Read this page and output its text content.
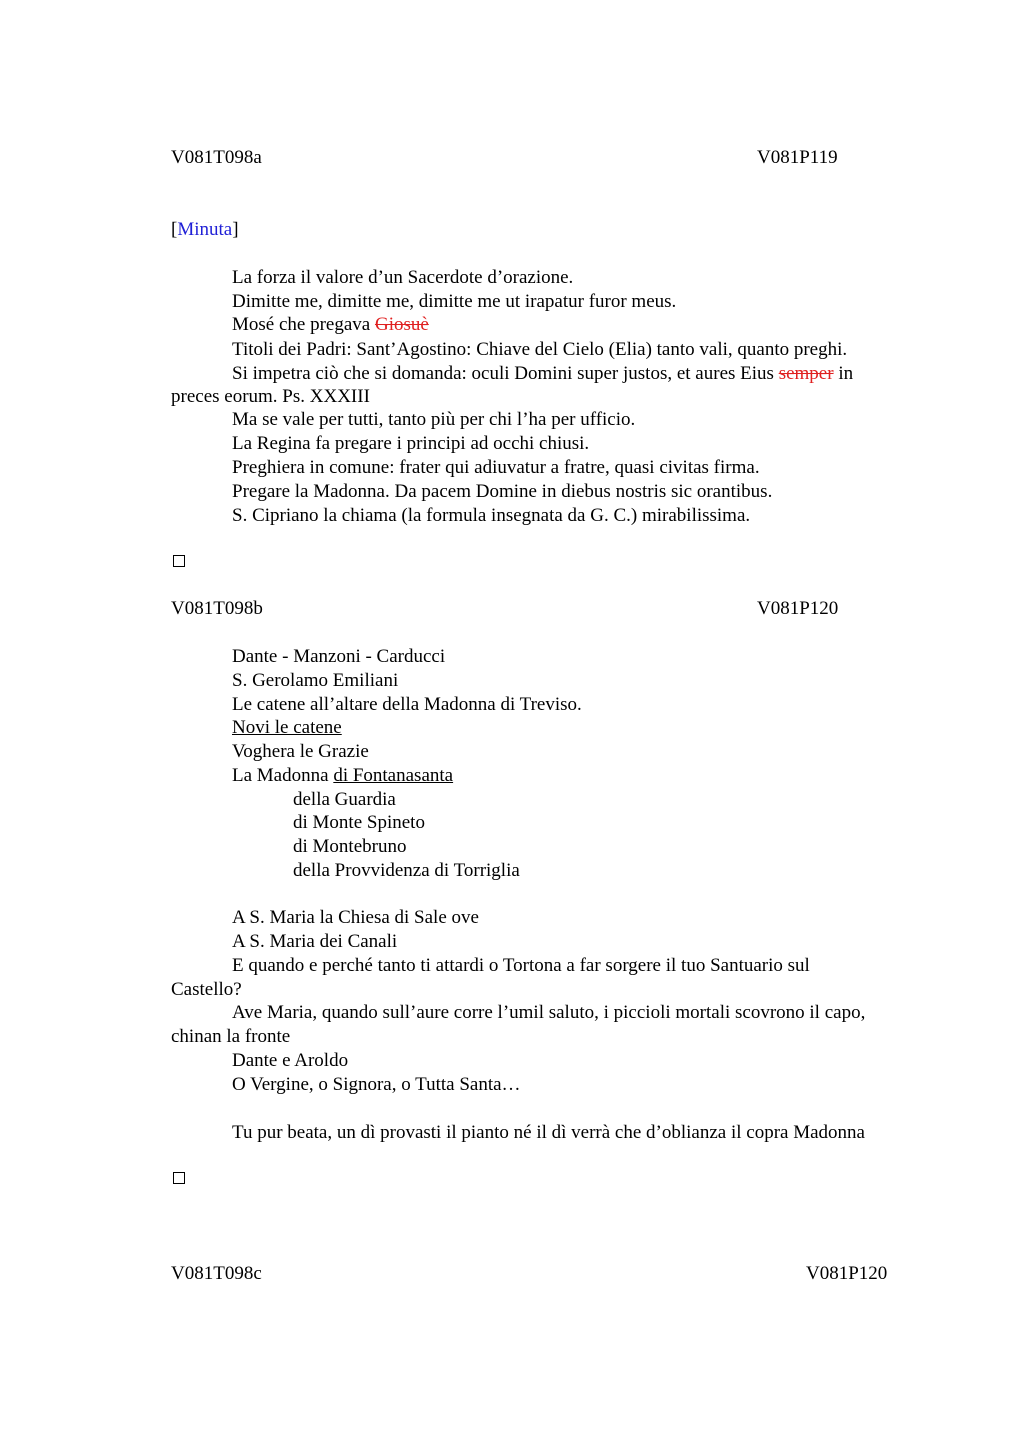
V081T098a	V081P119
[Minuta]
La forza il valore d’un Sacerdote d’orazione.
Dimitte me, dimitte me, dimitte me ut irapatur furor meus.
Mosé che pregava Giosuè
Titoli dei Padri: Sant’Agostino: Chiave del Cielo (Elia) tanto vali, quanto preghi.
Si impetra ciò che si domanda: oculi Domini super justos, et aures Eius semper in
preces eorum. Ps. XXXIII
Ma se vale per tutti, tanto più per chi l’ha per ufficio.
La Regina fa pregare i principi ad occhi chiusi.
Preghiera in comune: frater qui adiuvatur a fratre, quasi civitas firma.
Pregare la Madonna. Da pacem Domine in diebus nostris sic orantibus.
S. Cipriano la chiama (la formula insegnata da G. C.) mirabilissima.
V081T098b	V081P120
Dante - Manzoni - Carducci
S. Gerolamo Emiliani
Le catene all’altare della Madonna di Treviso.
Novi le catene
Voghera le Grazie
La Madonna di Fontanasanta
della Guardia
di Monte Spineto
di Montebruno
della Provvidenza di Torriglia
A S. Maria la Chiesa di Sale ove
A S. Maria dei Canali
E quando e perché tanto ti attardi o Tortona a far sorgere il tuo Santuario sul
Castello?
Ave Maria, quando sull’aure corre l’umil saluto, i piccioli mortali scovrono il capo,
chinan la fronte
Dante e Aroldo
O Vergine, o Signora, o Tutta Santa…
Tu pur beata, un dì provasti il pianto né il dì verrà che d’oblianza il copra Madonna
V081T098c	V081P120
